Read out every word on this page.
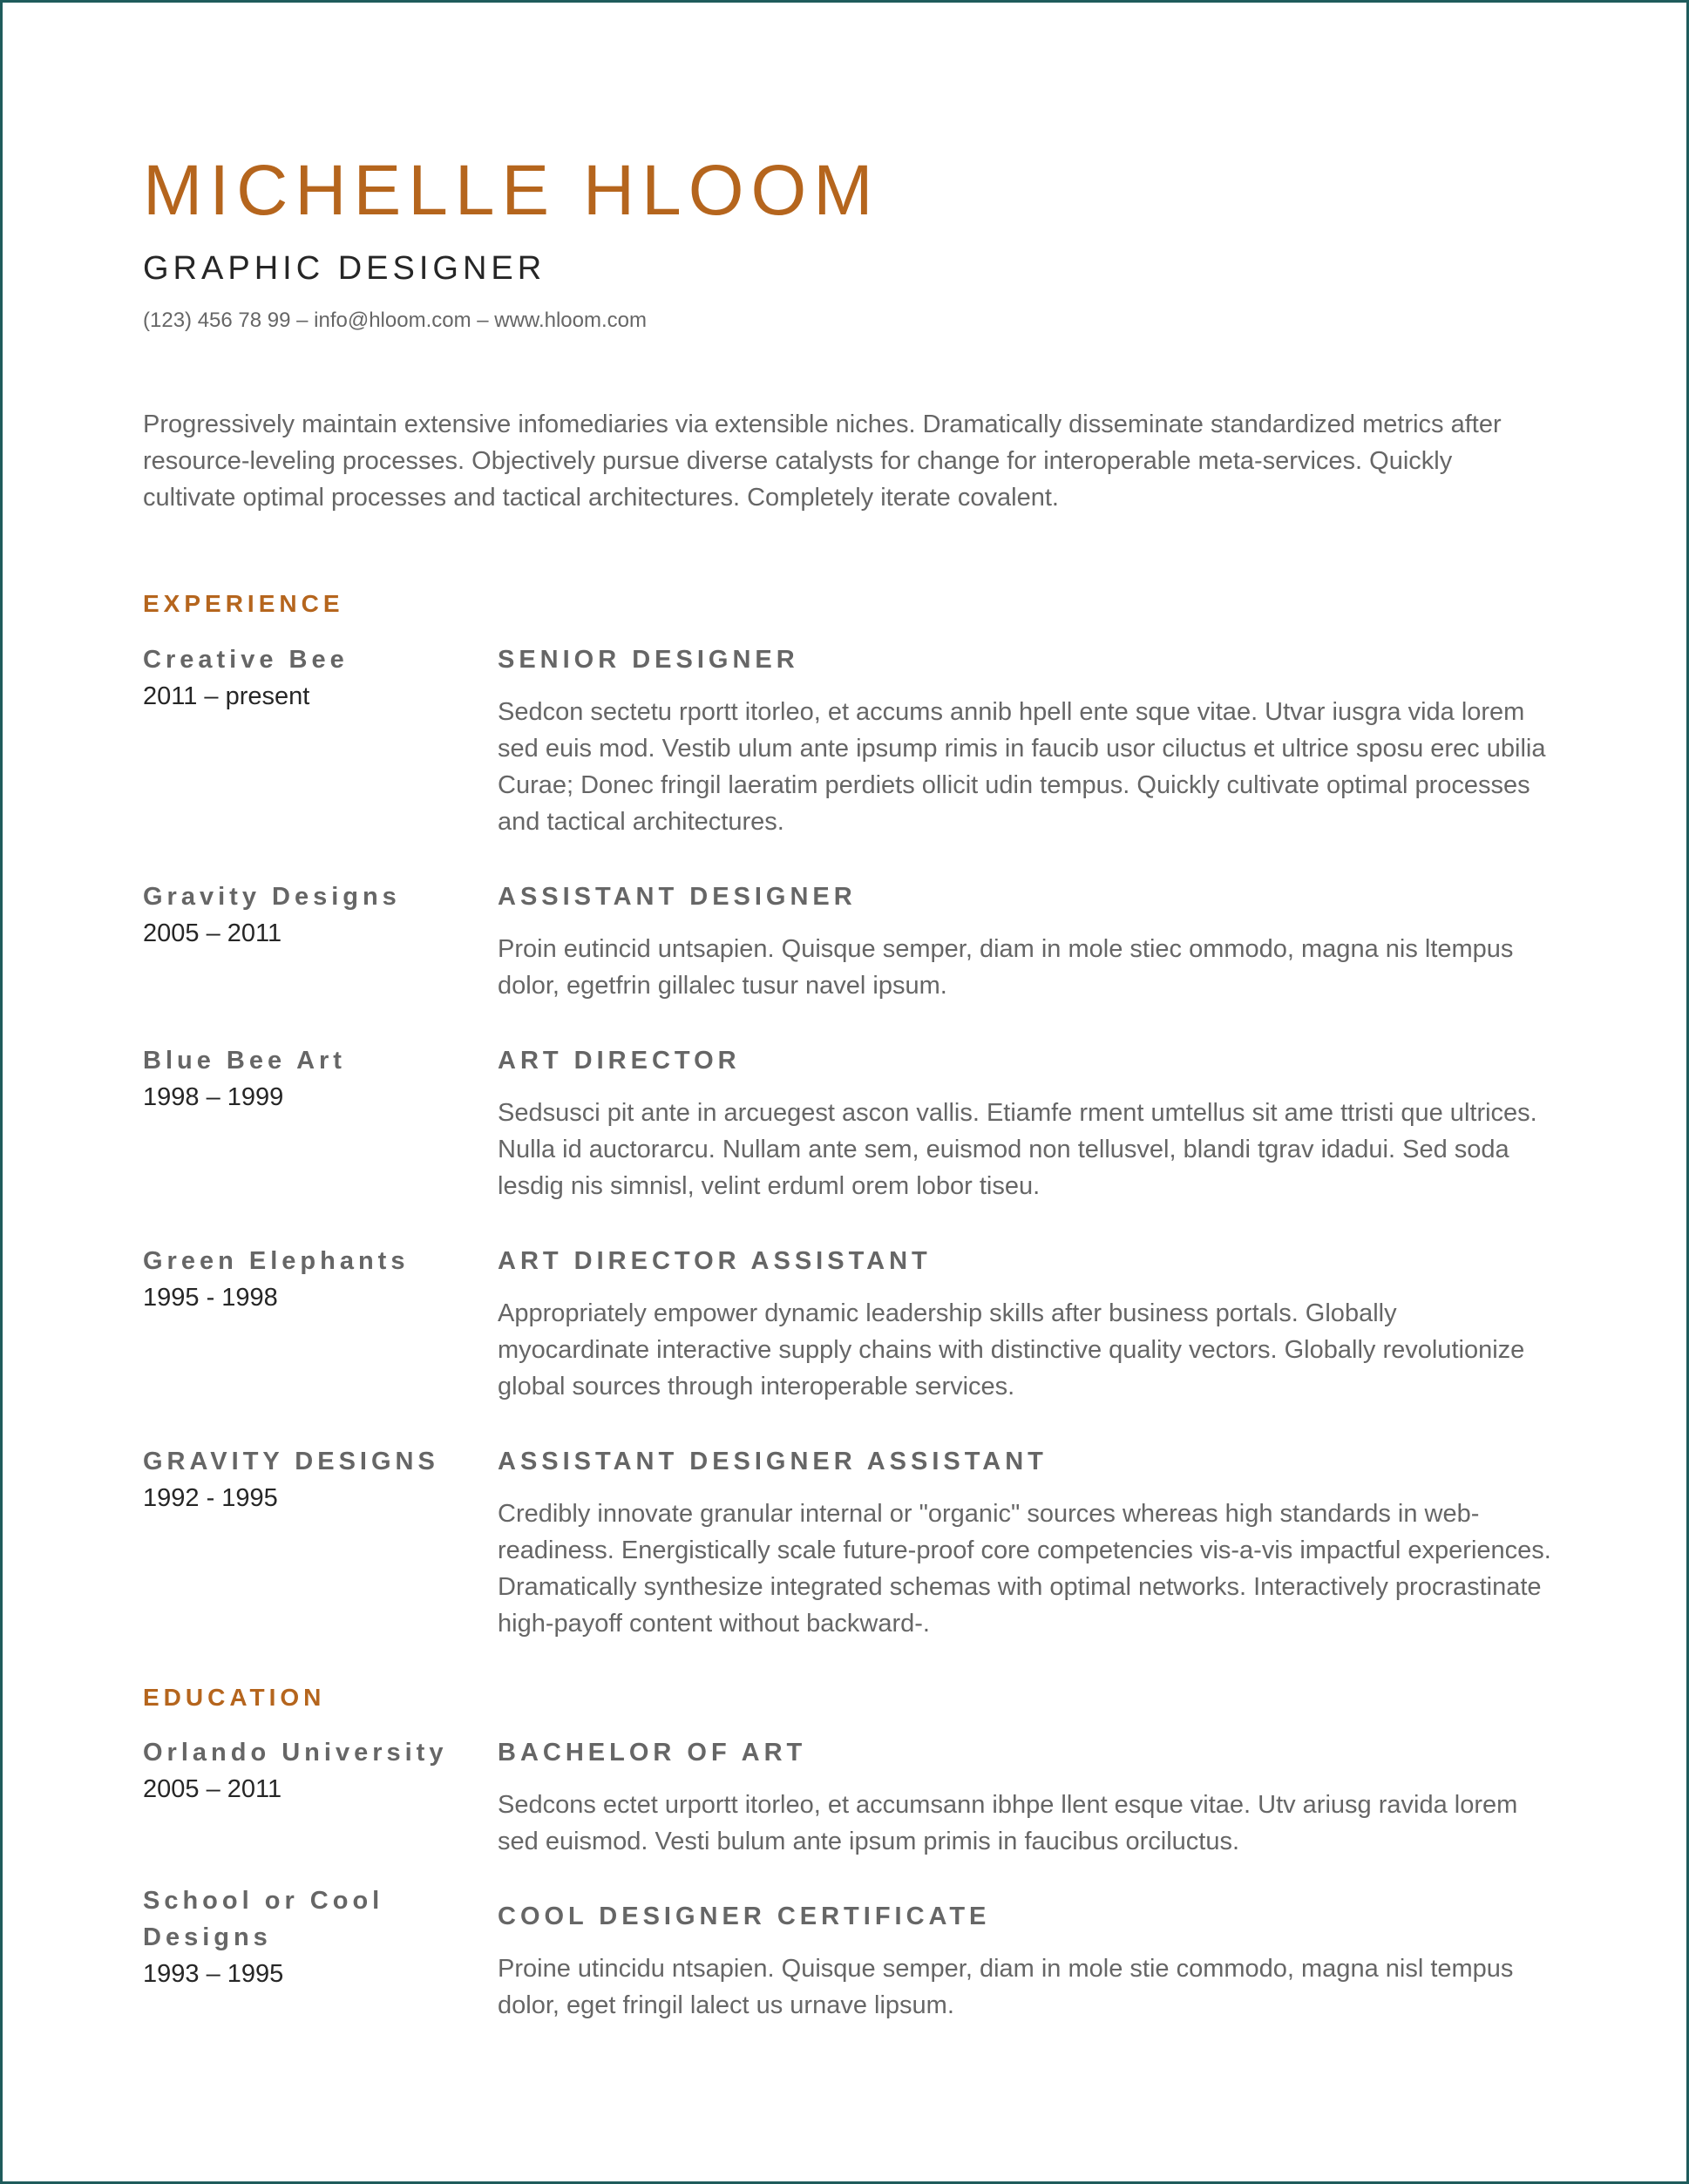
MICHELLE HLOOM
GRAPHIC DESIGNER
(123) 456 78 99 – info@hloom.com – www.hloom.com
Progressively maintain extensive infomediaries via extensible niches. Dramatically disseminate standardized metrics after resource-leveling processes. Objectively pursue diverse catalysts for change for interoperable meta-services. Quickly cultivate optimal processes and tactical architectures. Completely iterate covalent.
EXPERIENCE
Creative Bee
2011 – present
SENIOR DESIGNER
Sedcon sectetu rportt itorleo, et accums annib hpell ente sque vitae. Utvar iusgra vida lorem sed euis mod. Vestib ulum ante ipsump rimis in faucib usor ciluctus et ultrice sposu erec ubilia Curae; Donec fringil laeratim perdiets ollicit udin tempus. Quickly cultivate optimal processes and tactical architectures.
Gravity Designs
2005 – 2011
ASSISTANT DESIGNER
Proin eutincid untsapien. Quisque semper, diam in mole stiec ommodo, magna nis ltempus dolor, egetfrin gillalec tusur navel ipsum.
Blue Bee Art
1998 – 1999
ART DIRECTOR
Sedsusci pit ante in arcuegest ascon vallis. Etiamfe rment umtellus sit ame ttristi que ultrices. Nulla id auctorarcu. Nullam ante sem, euismod non tellusvel, blandi tgrav idadui. Sed soda lesdig nis simnisl, velint erduml orem lobor tiseu.
Green Elephants
1995 - 1998
ART DIRECTOR ASSISTANT
Appropriately empower dynamic leadership skills after business portals. Globally myocardinate interactive supply chains with distinctive quality vectors. Globally revolutionize global sources through interoperable services.
GRAVITY DESIGNS
1992 - 1995
ASSISTANT DESIGNER ASSISTANT
Credibly innovate granular internal or "organic" sources whereas high standards in web-readiness. Energistically scale future-proof core competencies vis-a-vis impactful experiences. Dramatically synthesize integrated schemas with optimal networks. Interactively procrastinate high-payoff content without backward-.
EDUCATION
Orlando University
2005 – 2011
BACHELOR OF ART
Sedcons ectet urportt itorleo, et accumsann ibhpe llent esque vitae. Utv ariusg ravida lorem sed euismod. Vesti bulum ante ipsum primis in faucibus orciluctus.
School or Cool Designs
1993 – 1995
COOL DESIGNER CERTIFICATE
Proine utincidu ntsapien. Quisque semper, diam in mole stie commodo, magna nisl tempus dolor, eget fringil lalect us urnave lipsum.
